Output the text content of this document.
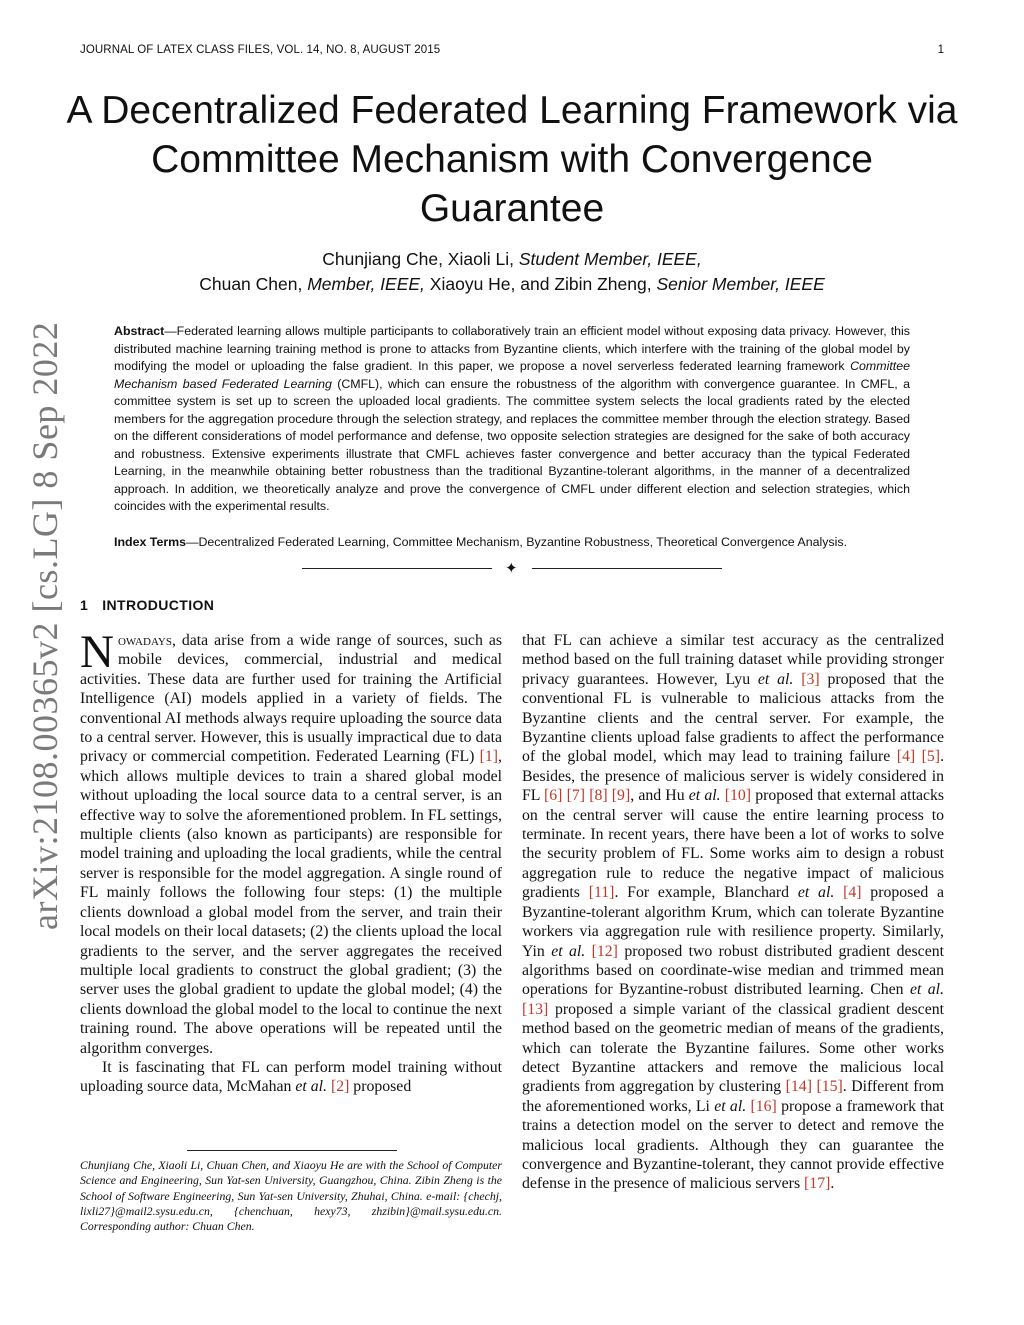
JOURNAL OF LATEX CLASS FILES, VOL. 14, NO. 8, AUGUST 2015	1
arXiv:2108.00365v2 [cs.LG] 8 Sep 2022
A Decentralized Federated Learning Framework via Committee Mechanism with Convergence Guarantee
Chunjiang Che, Xiaoli Li, Student Member, IEEE,
Chuan Chen, Member, IEEE, Xiaoyu He, and Zibin Zheng, Senior Member, IEEE
Abstract—Federated learning allows multiple participants to collaboratively train an efficient model without exposing data privacy. However, this distributed machine learning training method is prone to attacks from Byzantine clients, which interfere with the training of the global model by modifying the model or uploading the false gradient. In this paper, we propose a novel serverless federated learning framework Committee Mechanism based Federated Learning (CMFL), which can ensure the robustness of the algorithm with convergence guarantee. In CMFL, a committee system is set up to screen the uploaded local gradients. The committee system selects the local gradients rated by the elected members for the aggregation procedure through the selection strategy, and replaces the committee member through the election strategy. Based on the different considerations of model performance and defense, two opposite selection strategies are designed for the sake of both accuracy and robustness. Extensive experiments illustrate that CMFL achieves faster convergence and better accuracy than the typical Federated Learning, in the meanwhile obtaining better robustness than the traditional Byzantine-tolerant algorithms, in the manner of a decentralized approach. In addition, we theoretically analyze and prove the convergence of CMFL under different election and selection strategies, which coincides with the experimental results.
Index Terms—Decentralized Federated Learning, Committee Mechanism, Byzantine Robustness, Theoretical Convergence Analysis.
✦
1 INTRODUCTION

Nowadays, data arise from a wide range of sources, such as mobile devices, commercial, industrial and medical activities. These data are further used for training the Artificial Intelligence (AI) models applied in a variety of fields. The conventional AI methods always require uploading the source data to a central server. However, this is usually impractical due to data privacy or commercial competition. Federated Learning (FL) [1], which allows multiple devices to train a shared global model without uploading the local source data to a central server, is an effective way to solve the aforementioned problem. In FL settings, multiple clients (also known as participants) are responsible for model training and uploading the local gradients, while the central server is responsible for the model aggregation. A single round of FL mainly follows the following four steps: (1) the multiple clients download a global model from the server, and train their local models on their local datasets; (2) the clients upload the local gradients to the server, and the server aggregates the received multiple local gradients to construct the global gradient; (3) the server uses the global gradient to update the global model; (4) the clients download the global model to the local to continue the next training round. The above operations will be repeated until the algorithm converges.

It is fascinating that FL can perform model training without uploading source data, McMahan et al. [2] proposed

Chunjiang Che, Xiaoli Li, Chuan Chen, and Xiaoyu He are with the School of Computer Science and Engineering, Sun Yat-sen University, Guangzhou, China. Zibin Zheng is the School of Software Engineering, Sun Yat-sen University, Zhuhai, China. e-mail: {chechj, lixli27}@mail2.sysu.edu.cn, {chenchuan, hexy73, zhzibin}@mail.sysu.edu.cn. Corresponding author: Chuan Chen.

that FL can achieve a similar test accuracy as the centralized method based on the full training dataset while providing stronger privacy guarantees. However, Lyu et al. [3] proposed that the conventional FL is vulnerable to malicious attacks from the Byzantine clients and the central server. For example, the Byzantine clients upload false gradients to affect the performance of the global model, which may lead to training failure [4] [5]. Besides, the presence of malicious server is widely considered in FL [6] [7] [8] [9], and Hu et al. [10] proposed that external attacks on the central server will cause the entire learning process to terminate. In recent years, there have been a lot of works to solve the security problem of FL. Some works aim to design a robust aggregation rule to reduce the negative impact of malicious gradients [11]. For example, Blanchard et al. [4] proposed a Byzantine-tolerant algorithm Krum, which can tolerate Byzantine workers via aggregation rule with resilience property. Similarly, Yin et al. [12] proposed two robust distributed gradient descent algorithms based on coordinate-wise median and trimmed mean operations for Byzantine-robust distributed learning. Chen et al. [13] proposed a simple variant of the classical gradient descent method based on the geometric median of means of the gradients, which can tolerate the Byzantine failures. Some other works detect Byzantine attackers and remove the malicious local gradients from aggregation by clustering [14] [15]. Different from the aforementioned works, Li et al. [16] propose a framework that trains a detection model on the server to detect and remove the malicious local gradients. Although they can guarantee the convergence and Byzantine-tolerant, they cannot provide effective defense in the presence of malicious servers [17].
